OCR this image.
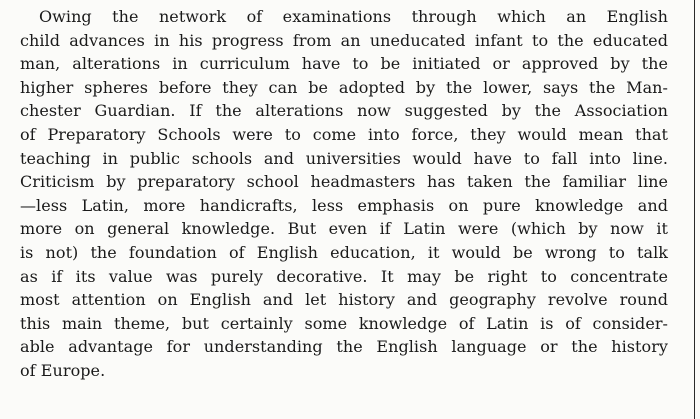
Owing the network of examinations through which an English
child advances in his progress from an uneducated infant to the educated
man, alterations in curriculum have to be initiated or approved by the
higher spheres before they can be adopted by the lower, says the Man-
chester Guardian. If the alterations now suggested by the Association
of Preparatory Schools were to come into force, they would mean that
teaching in public schools and universities would have to fall into line.
Criticism by preparatory school headmasters has taken the familiar line
—less Latin, more handicrafts, less emphasis on pure knowledge and
more on general knowledge. But even if Latin were (which by now it
is not) the foundation of English education, it would be wrong to talk
as if its value was purely decorative. It may be right to concentrate
most attention on English and let history and geography revolve round
this main theme, but certainly some knowledge of Latin is of consider-
able advantage for understanding the English language or the history
of Europe.
